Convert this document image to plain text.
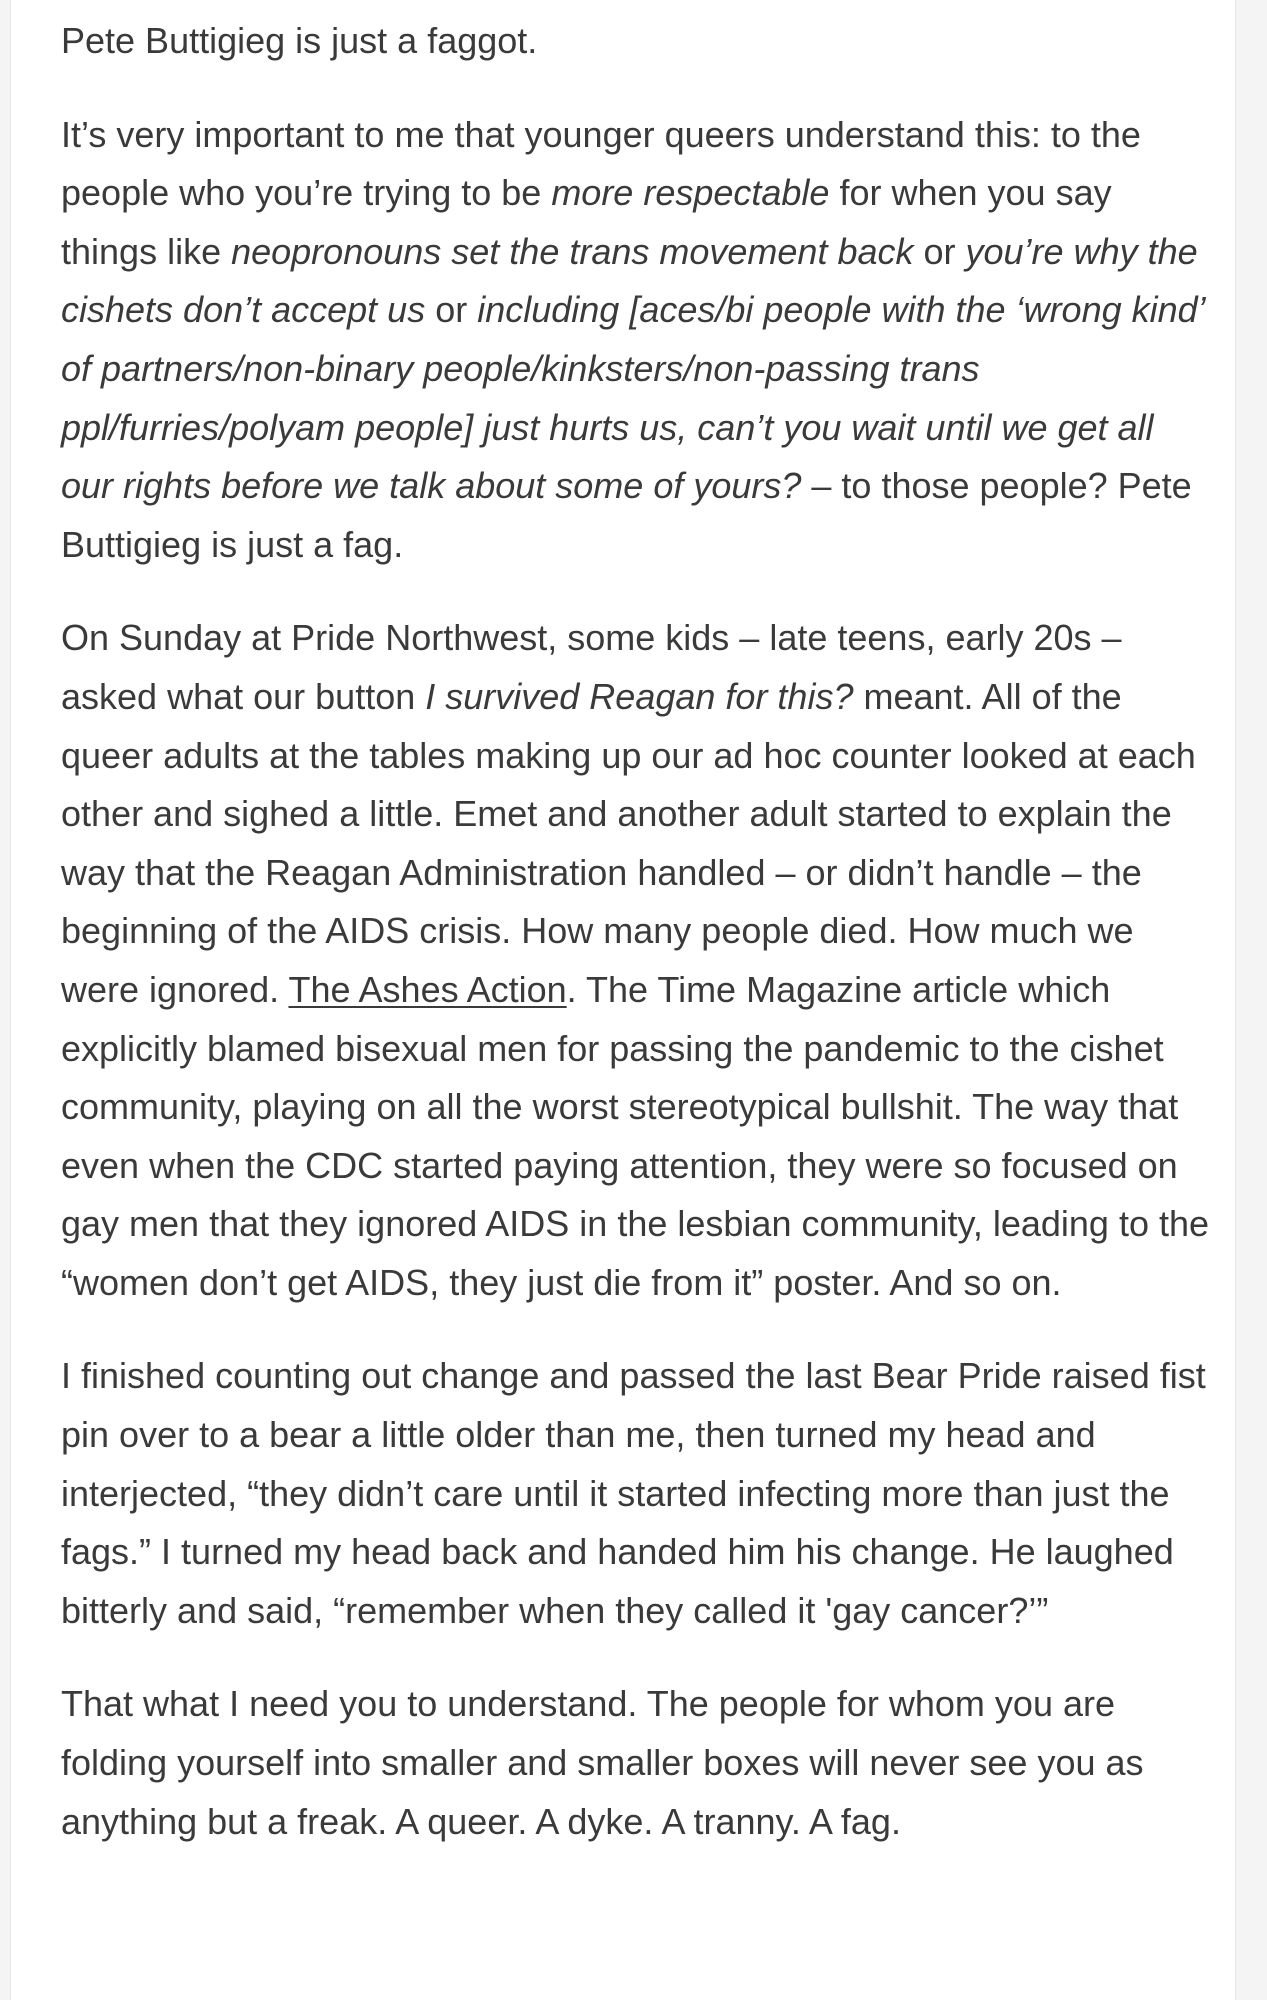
Pete Buttigieg is just a faggot.

It’s very important to me that younger queers understand this: to the people who you’re trying to be more respectable for when you say things like neopronouns set the trans movement back or you’re why the cishets don’t accept us or including [aces/bi people with the ‘wrong kind’ of partners/non-binary people/kinksters/non-passing trans ppl/furries/polyam people] just hurts us, can’t you wait until we get all our rights before we talk about some of yours? – to those people? Pete Buttigieg is just a fag.

On Sunday at Pride Northwest, some kids – late teens, early 20s – asked what our button I survived Reagan for this? meant. All of the queer adults at the tables making up our ad hoc counter looked at each other and sighed a little. Emet and another adult started to explain the way that the Reagan Administration handled – or didn’t handle – the beginning of the AIDS crisis. How many people died. How much we were ignored. The Ashes Action. The Time Magazine article which explicitly blamed bisexual men for passing the pandemic to the cishet community, playing on all the worst stereotypical bullshit. The way that even when the CDC started paying attention, they were so focused on gay men that they ignored AIDS in the lesbian community, leading to the “women don’t get AIDS, they just die from it” poster. And so on.

I finished counting out change and passed the last Bear Pride raised fist pin over to a bear a little older than me, then turned my head and interjected, “they didn’t care until it started infecting more than just the fags.” I turned my head back and handed him his change. He laughed bitterly and said, “remember when they called it 'gay cancer?’”

That what I need you to understand. The people for whom you are folding yourself into smaller and smaller boxes will never see you as anything but a freak. A queer. A dyke. A tranny. A fag.
